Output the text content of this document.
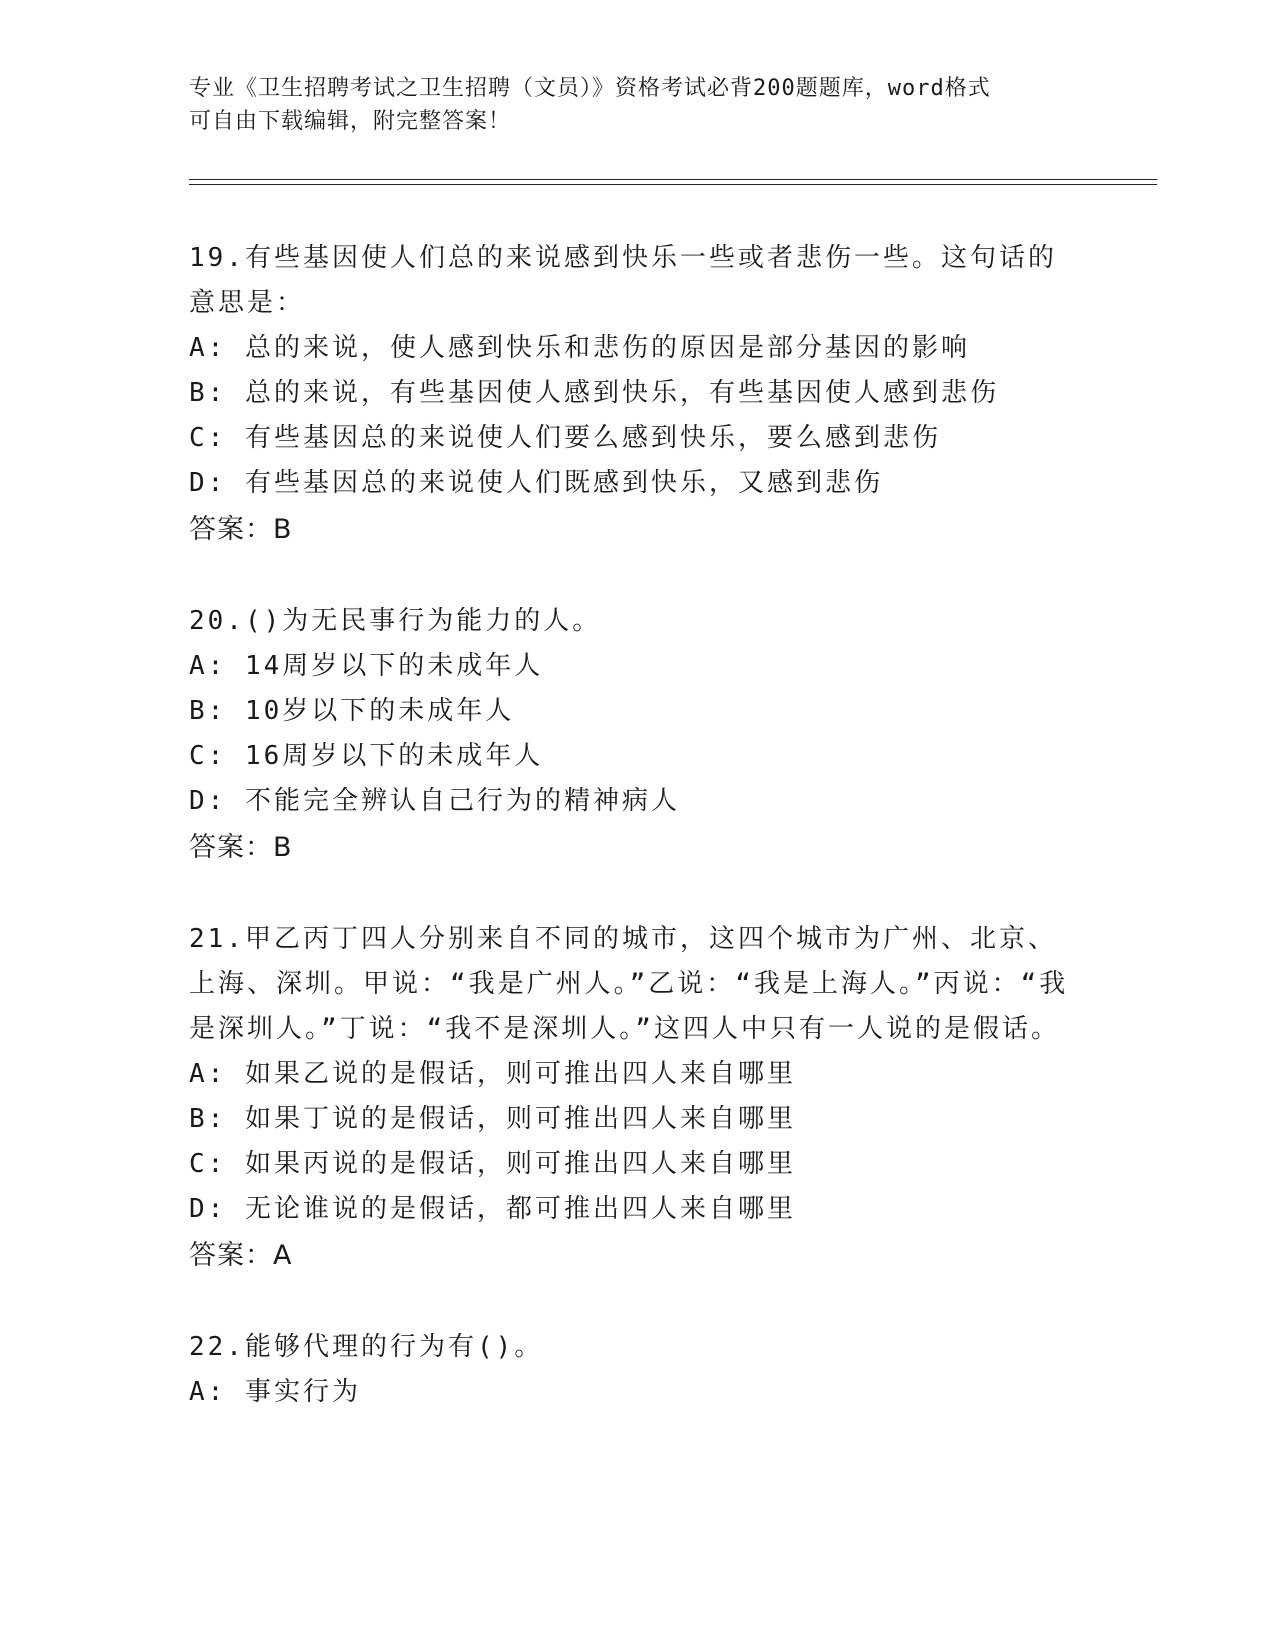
专业《卫生招聘考试之卫生招聘（文员）》资格考试必背200题题库，word格式
可自由下载编辑，附完整答案！

19.有些基因使人们总的来说感到快乐一些或者悲伤一些。这句话的意思是：

A: 总的来说，使人感到快乐和悲伤的原因是部分基因的影响

B: 总的来说，有些基因使人感到快乐，有些基因使人感到悲伤

C: 有些基因总的来说使人们要么感到快乐，要么感到悲伤

D: 有些基因总的来说使人们既感到快乐，又感到悲伤

答案：B

20.()为无民事行为能力的人。

A: 14周岁以下的未成年人

B: 10岁以下的未成年人

C: 16周岁以下的未成年人

D: 不能完全辨认自己行为的精神病人

答案：B

21.甲乙丙丁四人分别来自不同的城市，这四个城市为广州、北京、上海、深圳。甲说：“我是广州人。”乙说：“我是上海人。”丙说：“我是深圳人。”丁说：“我不是深圳人。”这四人中只有一人说的是假话。

A: 如果乙说的是假话，则可推出四人来自哪里

B: 如果丁说的是假话，则可推出四人来自哪里

C: 如果丙说的是假话，则可推出四人来自哪里

D: 无论谁说的是假话，都可推出四人来自哪里

答案：A

22.能够代理的行为有()。

A: 事实行为
